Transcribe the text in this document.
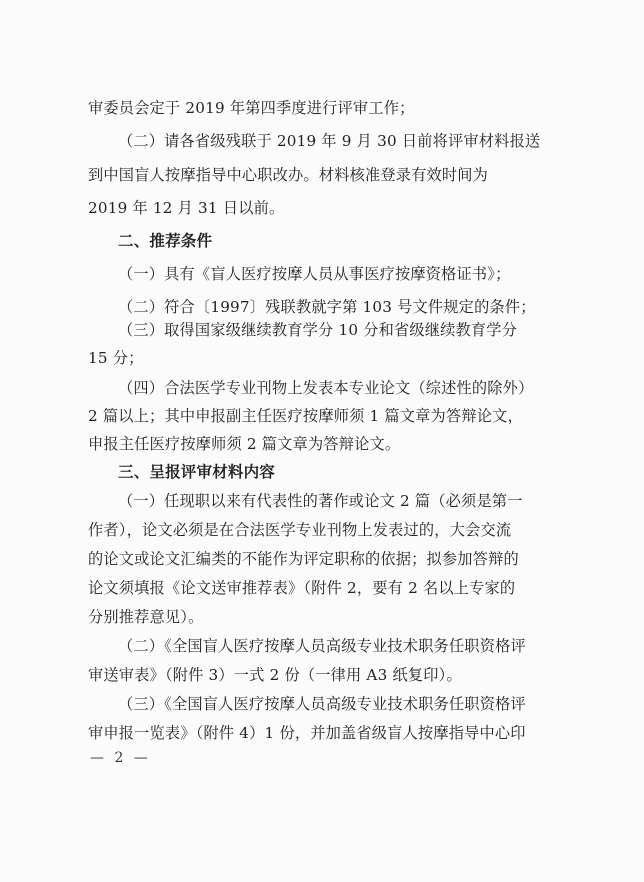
审委员会定于 2019 年第四季度进行评审工作；
（二）请各省级残联于 2019 年 9 月 30 日前将评审材料报送
到中国盲人按摩指导中心职改办。材料核准登录有效时间为
2019 年 12 月 31 日以前。
二、推荐条件
（一）具有《盲人医疗按摩人员从事医疗按摩资格证书》；
（二）符合〔1997〕残联教就字第 103 号文件规定的条件；
（三）取得国家级继续教育学分 10 分和省级继续教育学分
15 分；
（四）合法医学专业刊物上发表本专业论文（综述性的除外）
2 篇以上；其中申报副主任医疗按摩师须 1 篇文章为答辩论文，
申报主任医疗按摩师须 2 篇文章为答辩论文。
三、呈报评审材料内容
（一）任现职以来有代表性的著作或论文 2 篇（必须是第一
作者），论文必须是在合法医学专业刊物上发表过的，大会交流
的论文或论文汇编类的不能作为评定职称的依据；拟参加答辩的
论文须填报《论文送审推荐表》（附件 2，要有 2 名以上专家的
分别推荐意见）。
（二）《全国盲人医疗按摩人员高级专业技术职务任职资格评
审送审表》（附件 3）一式 2 份（一律用 A3 纸复印）。
（三）《全国盲人医疗按摩人员高级专业技术职务任职资格评
审申报一览表》（附件 4）1 份，并加盖省级盲人按摩指导中心印
— 2 —
